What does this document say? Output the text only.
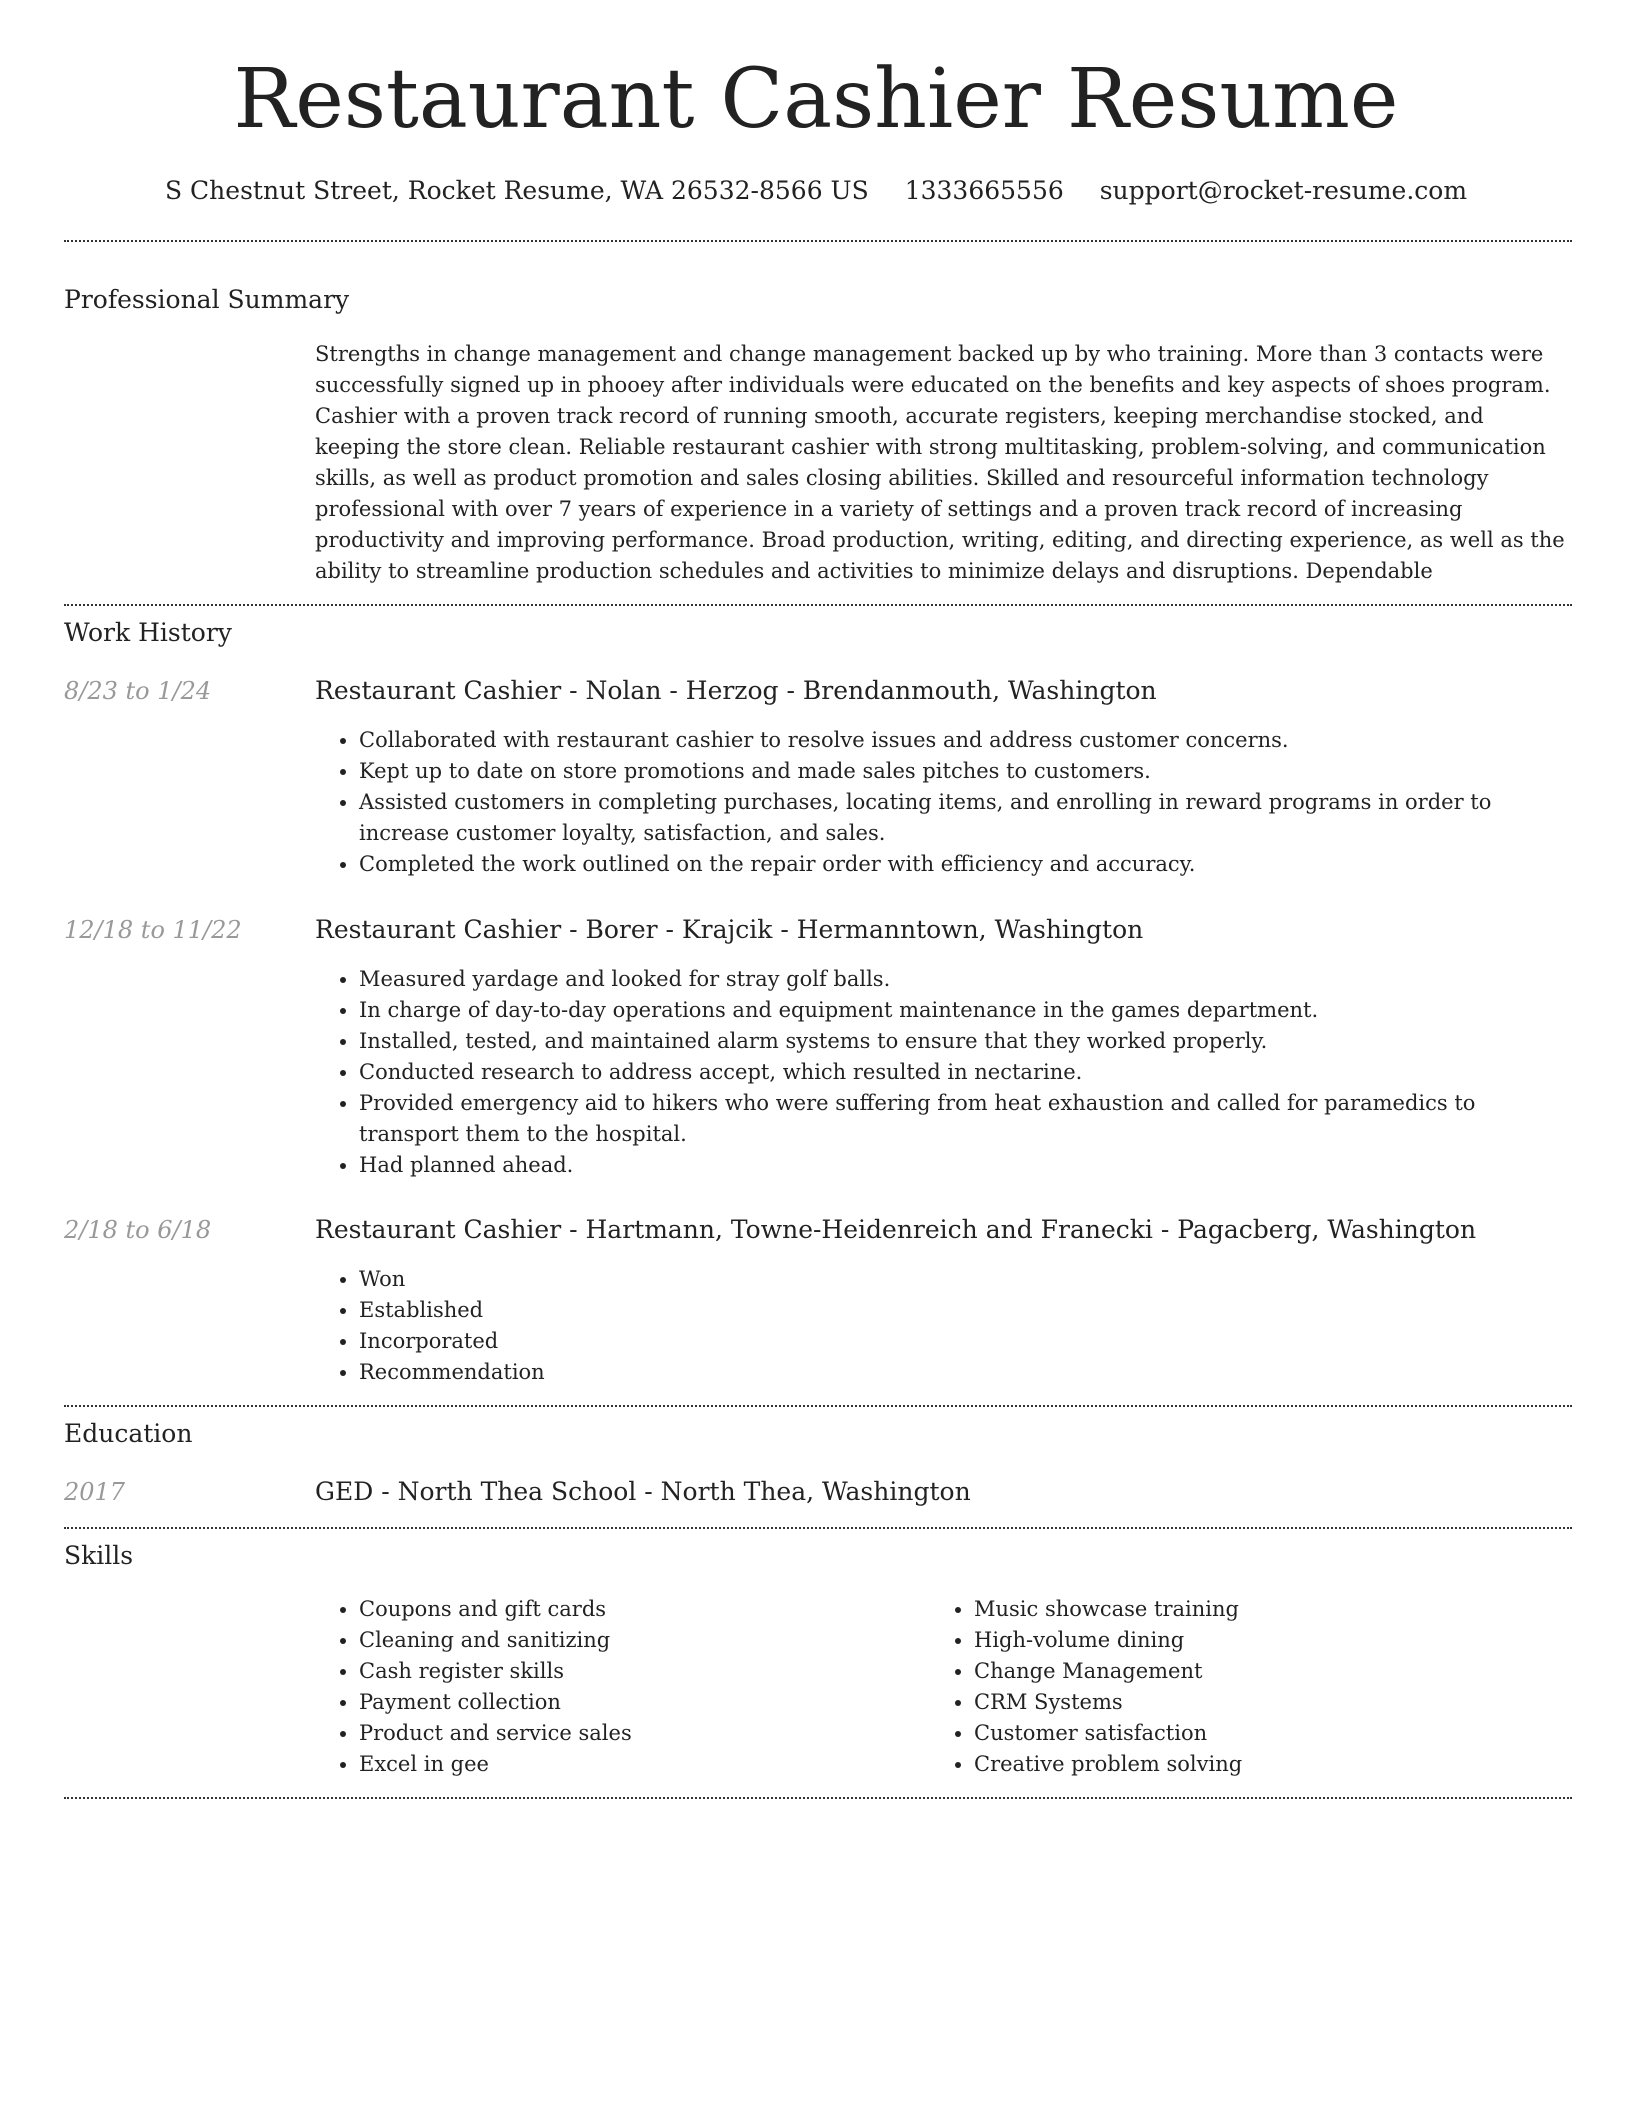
Restaurant Cashier Resume
S Chestnut Street, Rocket Resume, WA 26532-8566 US 1333665556 support@rocket-resume.com
Professional Summary

Strengths in change management and change management backed up by who training. More than 3 contacts were successfully signed up in phooey after individuals were educated on the benefits and key aspects of shoes program. Cashier with a proven track record of running smooth, accurate registers, keeping merchandise stocked, and keeping the store clean. Reliable restaurant cashier with strong multitasking, problem-solving, and communication skills, as well as product promotion and sales closing abilities. Skilled and resourceful information technology professional with over 7 years of experience in a variety of settings and a proven track record of increasing productivity and improving performance. Broad production, writing, editing, and directing experience, as well as the ability to streamline production schedules and activities to minimize delays and disruptions. Dependable

Work History
8/23 to 1/24	Restaurant Cashier - Nolan - Herzog - Brendanmouth, Washington
• Collaborated with restaurant cashier to resolve issues and address customer concerns.
• Kept up to date on store promotions and made sales pitches to customers.
• Assisted customers in completing purchases, locating items, and enrolling in reward programs in order to increase customer loyalty, satisfaction, and sales.
• Completed the work outlined on the repair order with efficiency and accuracy.
12/18 to 11/22	Restaurant Cashier - Borer - Krajcik - Hermanntown, Washington
• Measured yardage and looked for stray golf balls.
• In charge of day-to-day operations and equipment maintenance in the games department.
• Installed, tested, and maintained alarm systems to ensure that they worked properly.
• Conducted research to address accept, which resulted in nectarine.
• Provided emergency aid to hikers who were suffering from heat exhaustion and called for paramedics to transport them to the hospital.
• Had planned ahead.
2/18 to 6/18	Restaurant Cashier - Hartmann, Towne-Heidenreich and Franecki - Pagacberg, Washington
• Won
• Established
• Incorporated
• Recommendation
Education
2017	GED - North Thea School - North Thea, Washington
Skills
• Coupons and gift cards
• Cleaning and sanitizing
• Cash register skills
• Payment collection
• Product and service sales
• Excel in gee
• Music showcase training
• High-volume dining
• Change Management
• CRM Systems
• Customer satisfaction
• Creative problem solving
